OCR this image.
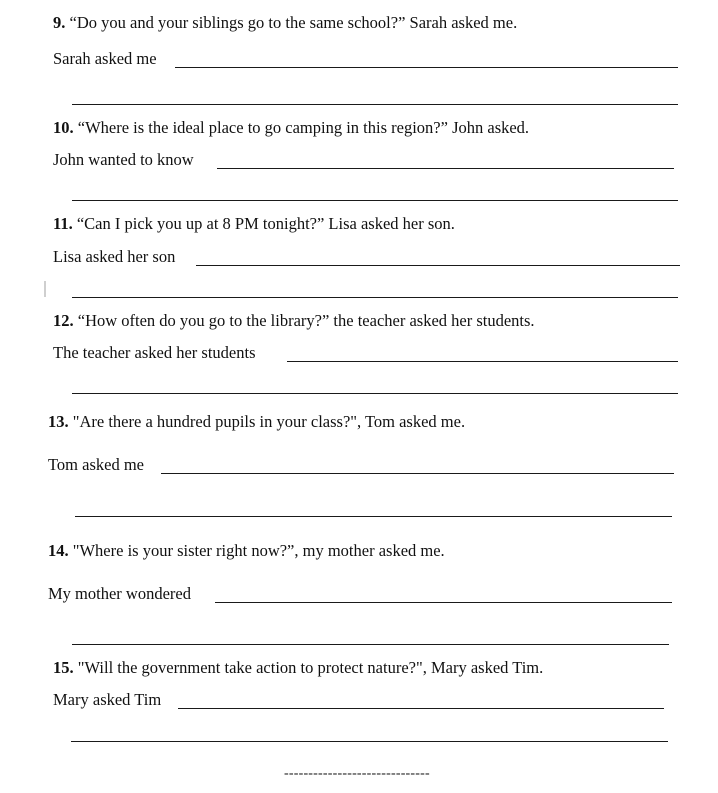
9. “Do you and your siblings go to the same school?” Sarah asked me.
Sarah asked me
10. “Where is the ideal place to go camping in this region?” John asked.
John wanted to know
11. “Can I pick you up at 8 PM tonight?” Lisa asked her son.
Lisa asked her son
12. “How often do you go to the library?” the teacher asked her students.
The teacher asked her students
13. "Are there a hundred pupils in your class?", Tom asked me.
Tom asked me
14. "Where is your sister right now?”, my mother asked me.
My mother wondered
15. "Will the government take action to protect nature?", Mary asked Tim.
Mary asked Tim
------------------------------
